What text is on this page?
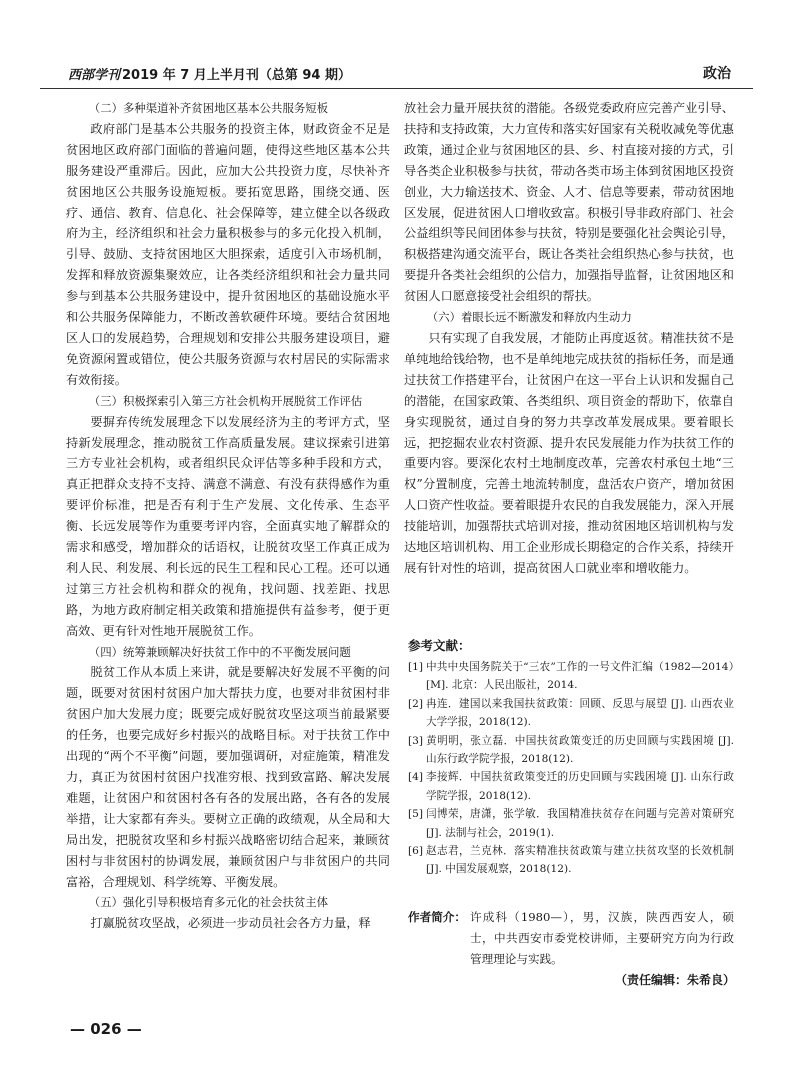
西部学刊 2019 年 7 月上半月刊（总第 94 期）	政治
（二）多种渠道补齐贫困地区基本公共服务短板

政府部门是基本公共服务的投资主体，财政资金不足是贫困地区政府部门面临的普遍问题，使得这些地区基本公共服务建设严重滞后。因此，应加大公共投资力度，尽快补齐贫困地区公共服务设施短板。要拓宽思路，围绕交通、医疗、通信、教育、信息化、社会保障等，建立健全以各级政府为主，经济组织和社会力量积极参与的多元化投入机制，引导、鼓励、支持贫困地区大胆探索，适度引入市场机制，发挥和释放资源集聚效应，让各类经济组织和社会力量共同参与到基本公共服务建设中，提升贫困地区的基础设施水平和公共服务保障能力，不断改善软硬件环境。要结合贫困地区人口的发展趋势，合理规划和安排公共服务建设项目，避免资源闲置或错位，使公共服务资源与农村居民的实际需求有效衔接。

（三）积极探索引入第三方社会机构开展脱贫工作评估

要摒弃传统发展理念下以发展经济为主的考评方式，坚持新发展理念，推动脱贫工作高质量发展。建议探索引进第三方专业社会机构，或者组织民众评估等多种手段和方式，真正把群众支持不支持、满意不满意、有没有获得感作为重要评价标准，把是否有利于生产发展、文化传承、生态平衡、长远发展等作为重要考评内容，全面真实地了解群众的需求和感受，增加群众的话语权，让脱贫攻坚工作真正成为利人民、利发展、利长远的民生工程和民心工程。还可以通过第三方社会机构和群众的视角，找问题、找差距、找思路，为地方政府制定相关政策和措施提供有益参考，便于更高效、更有针对性地开展脱贫工作。

（四）统筹兼顾解决好扶贫工作中的不平衡发展问题

脱贫工作从本质上来讲，就是要解决好发展不平衡的问题，既要对贫困村贫困户加大帮扶力度，也要对非贫困村非贫困户加大发展力度；既要完成好脱贫攻坚这项当前最紧要的任务，也要完成好乡村振兴的战略目标。对于扶贫工作中出现的“两个不平衡”问题，要加强调研，对症施策，精准发力，真正为贫困村贫困户找准穷根、找到致富路、解决发展难题，让贫困户和贫困村各有各的发展出路，各有各的发展举措，让大家都有奔头。要树立正确的政绩观，从全局和大局出发，把脱贫攻坚和乡村振兴战略密切结合起来，兼顾贫困村与非贫困村的协调发展，兼顾贫困户与非贫困户的共同富裕，合理规划、科学统筹、平衡发展。

（五）强化引导积极培育多元化的社会扶贫主体

打赢脱贫攻坚战，必须进一步动员社会各方力量，释

放社会力量开展扶贫的潜能。各级党委政府应完善产业引导、扶持和支持政策，大力宣传和落实好国家有关税收减免等优惠政策，通过企业与贫困地区的县、乡、村直接对接的方式，引导各类企业积极参与扶贫，带动各类市场主体到贫困地区投资创业，大力输送技术、资金、人才、信息等要素，带动贫困地区发展，促进贫困人口增收致富。积极引导非政府部门、社会公益组织等民间团体参与扶贫，特别是要强化社会舆论引导，积极搭建沟通交流平台，既让各类社会组织热心参与扶贫，也要提升各类社会组织的公信力，加强指导监督，让贫困地区和贫困人口愿意接受社会组织的帮扶。

（六）着眼长远不断激发和释放内生动力

只有实现了自我发展，才能防止再度返贫。精准扶贫不是单纯地给钱给物，也不是单纯地完成扶贫的指标任务，而是通过扶贫工作搭建平台，让贫困户在这一平台上认识和发掘自己的潜能，在国家政策、各类组织、项目资金的帮助下，依靠自身实现脱贫，通过自身的努力共享改革发展成果。要着眼长远，把挖掘农业农村资源、提升农民发展能力作为扶贫工作的重要内容。要深化农村土地制度改革，完善农村承包土地“三权”分置制度，完善土地流转制度，盘活农户资产，增加贫困人口资产性收益。要着眼提升农民的自我发展能力，深入开展技能培训，加强帮扶式培训对接，推动贫困地区培训机构与发达地区培训机构、用工企业形成长期稳定的合作关系，持续开展有针对性的培训，提高贫困人口就业率和增收能力。

参考文献：
[1] 中共中央国务院关于“三农”工作的一号文件汇编（1982—2014）[M]. 北京：人民出版社，2014.
[2] 冉连．建国以来我国扶贫政策：回顾、反思与展望 [J]. 山西农业大学学报，2018(12).
[3] 黄明明，张立磊．中国扶贫政策变迁的历史回顾与实践困境 [J]. 山东行政学院学报，2018(12).
[4] 李接辉．中国扶贫政策变迁的历史回顾与实践困境 [J]. 山东行政学院学报，2018(12).
[5] 闫博荣，唐潇，张学敏．我国精准扶贫存在问题与完善对策研究 [J]. 法制与社会，2019(1).
[6] 赵志君，兰克林．落实精准扶贫政策与建立扶贫攻坚的长效机制 [J]. 中国发展观察，2018(12).
作者简介： 许成科（1980—），男，汉族，陕西西安人，硕士，中共西安市委党校讲师，主要研究方向为行政管理理论与实践。
（责任编辑：朱希良）
— 026 —
